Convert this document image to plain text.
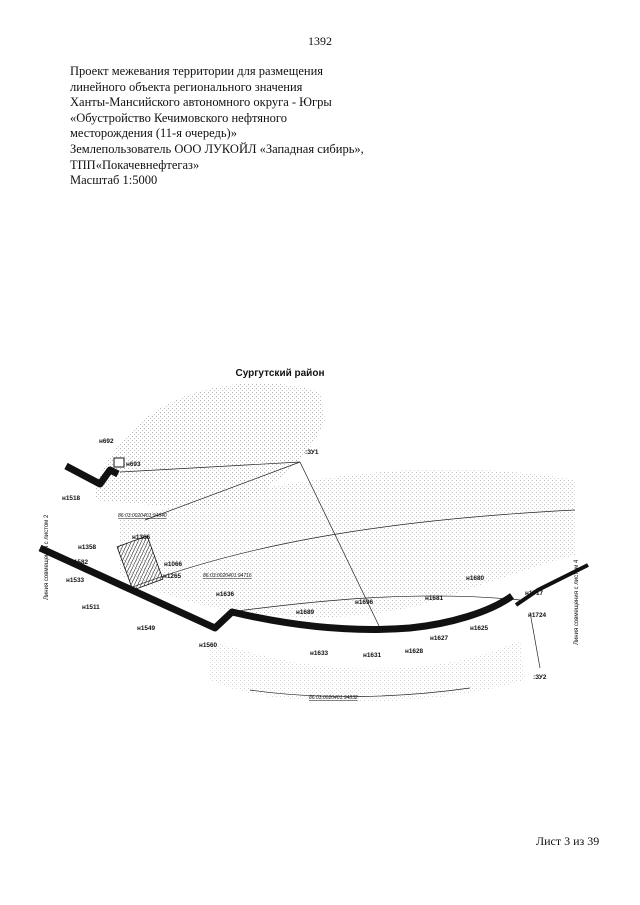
1392
Проект межевания территории для размещения
линейного объекта регионального значения
Ханты-Мансийского автономного округа - Югры
«Обустройство Кечимовского нефтяного
месторождения (11-я очередь)»
Землепользователь ООО ЛУКОЙЛ «Западная сибирь»,
ТПП«Покачевнефтегаз»
Масштаб 1:5000
Сургутский район
:ЗУ1
:ЗУ2
86:03:0020401:94840
86:03:0020401:94716
86:03:0020401:94832
Линия совмещения с листом 2
Линия совмещения с листом 4
н692
н693
н1518
н1366
н1358
н1582	н1066
н1265
н1533
н1511
н1549
н1560
н1636
н1689
н1696
н1633	н1631
н1681
н1628
н1627
н1625
н1680
н1717
н1724
Лист 3 из 39
